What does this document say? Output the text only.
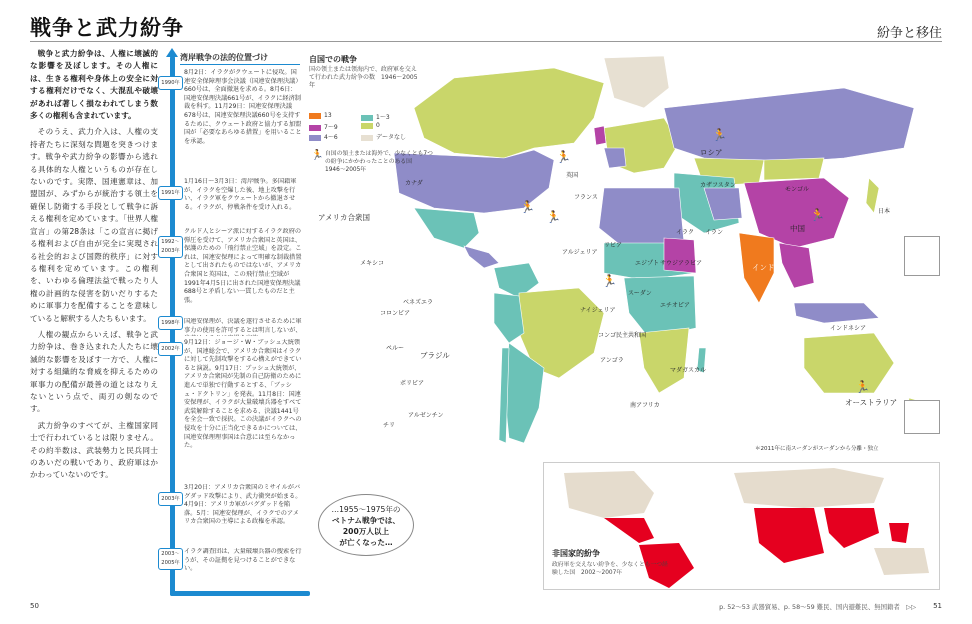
戦争と武力紛争	紛争と移住

戦争と武力紛争は、人権に壊滅的な影響を及ぼします。その人権には、生きる権利や身体上の安全に対する権利だけでなく、大混乱や破壊があれば著しく損なわれてしまう数多くの権利も含まれています。

そのうえ、武力介入は、人権の支持者たちに深刻な問題を突きつけます。戦争や武力紛争の影響から逃れる具体的な人権というものが存在しないのです。実際、国連憲章は、加盟国が、みずからが統治する領土を確保し防衛する手段として戦争に訴える権利を定めています。「世界人権宣言」の第28条は「この宣言に掲げる権利および自由が完全に実現される社会的および国際的秩序」に対する権利を定めています。この権利を、いわゆる倫理法益で戦ったり人権の計画的な侵害を防いだりするために軍事力を配備することを意味していると解釈する人たちもいます。

人権の観点からいえば、戦争と武力紛争は、巻き込まれた人たちに壊滅的な影響を及ぼす一方で、人権に対する組織的な脅威を抑えるための軍事力の配備が最善の道とはなりえないという点で、両刃の剣なのです。

武力紛争のすべてが、主権国家同士で行われているとは限りません。その約半数は、武装勢力と民兵同士のあいだの戦いであり、政府軍はかかわっていないのです。

湾岸戦争の法的位置づけ
1990年
8月2日：イラクがクウェートに侵攻。国連安全保障理事会決議（国連安保理決議）660号は、全面撤退を求める。8月6日：国連安保理決議661号が、イラクに経済制裁を科す。11月29日：国連安保理決議678号は、国連安保理決議660号を支持するために、クウェート政府と協力する加盟国が「必要なあらゆる措置」を用いることを承認。
1991年
1月16日〜3月3日：湾岸戦争。多国籍軍が、イラクを空爆した後、地上攻撃を行い、イラク軍をクウェートから撤退させる。イラクが、停戦条件を受け入れる。
1992〜2003年
クルド人とシーア派に対するイラク政府の弾圧を受けて、アメリカ合衆国と英国は、保護のための「飛行禁止空域」を設定。これは、国連安保理によって明確な制裁措置として出されたものではないが、アメリカ合衆国と英国は、この飛行禁止空域が1991年4月5日に出された国連安保理決議688号と矛盾しない一貫したものだと主張。
1998年 国連安保理が、決議を遂行させるために軍事力の使用を許可するとは明言しないが、
2002年
9月12日：ジョージ・W・ブッシュ大統領が、国連総会で、アメリカ合衆国はイラクに対して先制攻撃をする心構えができていると演説。9月17日：ブッシュ大統領が、アメリカ合衆国が先制の自己防衛のために進んで単独で行動するとする、「ブッシュ・ドクトリン」を発表。11月8日：国連安保理が、イラクが大量破壊兵器をすべて武装解除することを求める、決議1441号を全会一致で採択。この決議がイラクへの侵攻を十分に正当化できるかについては、国連安保理理事国は合意には至らなかった。
2003年
3月20日：アメリカ合衆国のミサイルがバグダッド攻撃により、武力衝突が始まる。4月9日：アメリカ軍がバグダッドを陥落。5月：国連安保理が、イラクでのアメリカ合衆国の主導による政権を承認。
2003〜2005年
イラク調査団は、大量破壊兵器の捜索を行うが、その証拠を見つけることができない。
自国での戦争
国の領土または領海内で、政府軍を交えて行われた武力紛争の数　1946〜2005年
13
7〜9
4〜6
1〜3
0
データなし
🏃 自国の領土または海外で、少なくとも7つの紛争にかかわったことのある国　1946〜2005年
アメリカ合衆国
カナダ
ブラジル
ロシア
中国
インド
オーストラリア
モンゴル
カザフスタン
インドネシア
日本
アルジェリア
リビア
エジプト
スーダン
ナイジェリア
コンゴ民主共和国
南アフリカ
アルゼンチン
ペルー
ボリビア
コロンビア
ベネズエラ
メキシコ
イラン
サウジアラビア
イラク
フランス
英国
チリ
マダガスカル
エチオピア
アンゴラ
🏃
🏃
🏃
🏃
🏃
🏃
🏃
＊2011年に南スーダンがスーダンから分離・独立
非国家的紛争
政府軍を交えない紛争を、少なくとも一つ経験した国　2002〜2007年
…1955〜1975年の
ベトナム戦争では、
200万人以上
が亡くなった…
50	p. 52〜53 武器貿易、p. 58〜59 難民、国内避難民、無国籍者　▷▷ 51
